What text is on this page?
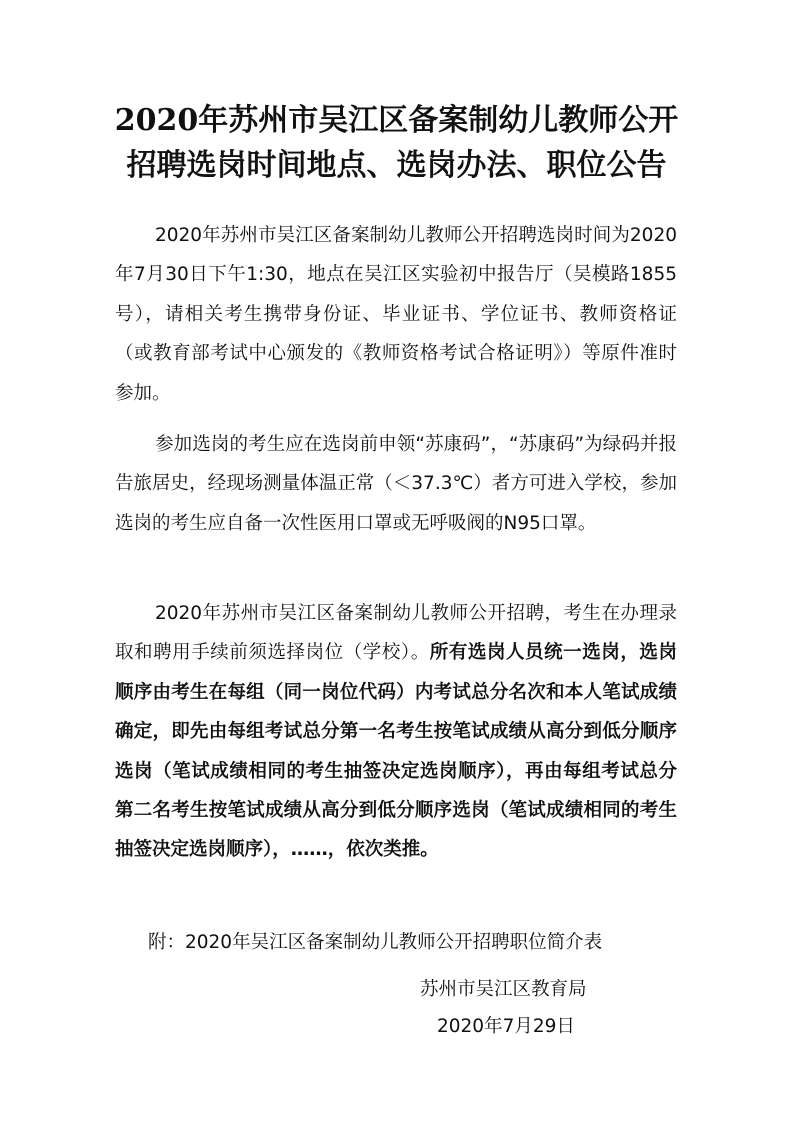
2020年苏州市吴江区备案制幼儿教师公开
招聘选岗时间地点、选岗办法、职位公告

2020年苏州市吴江区备案制幼儿教师公开招聘选岗时间为2020年7月30日下午1:30，地点在吴江区实验初中报告厅（吴模路1855号），请相关考生携带身份证、毕业证书、学位证书、教师资格证（或教育部考试中心颁发的《教师资格考试合格证明》）等原件准时参加。

参加选岗的考生应在选岗前申领“苏康码”，“苏康码”为绿码并报告旅居史，经现场测量体温正常（＜37.3℃）者方可进入学校，参加选岗的考生应自备一次性医用口罩或无呼吸阀的N95口罩。

2020年苏州市吴江区备案制幼儿教师公开招聘，考生在办理录取和聘用手续前须选择岗位（学校）。所有选岗人员统一选岗，选岗顺序由考生在每组（同一岗位代码）内考试总分名次和本人笔试成绩确定，即先由每组考试总分第一名考生按笔试成绩从高分到低分顺序选岗（笔试成绩相同的考生抽签决定选岗顺序），再由每组考试总分第二名考生按笔试成绩从高分到低分顺序选岗（笔试成绩相同的考生抽签决定选岗顺序），……，依次类推。

附：2020年吴江区备案制幼儿教师公开招聘职位简介表
苏州市吴江区教育局
2020年7月29日
